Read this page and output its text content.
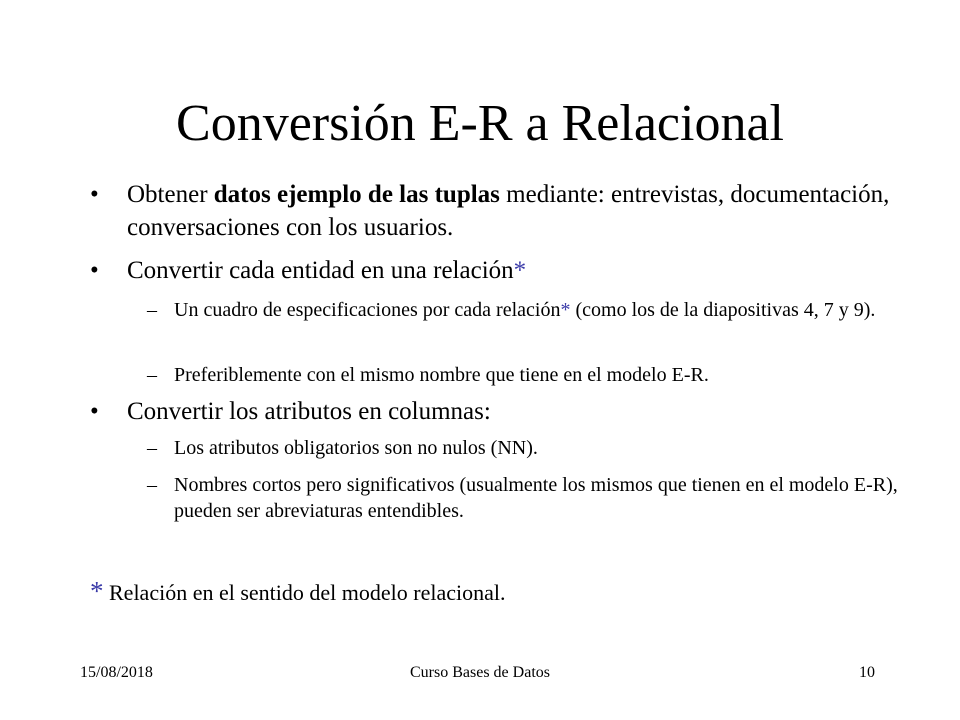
Conversión E-R a Relacional
• Obtener datos ejemplo de las tuplas mediante: entrevistas, documentación, conversaciones con los usuarios.
• Convertir cada entidad en una relación*
– Un cuadro de especificaciones por cada relación* (como los de la diapositivas 4, 7 y 9).
– Preferiblemente con el mismo nombre que tiene en el modelo E-R.
• Convertir los atributos en columnas:
– Los atributos obligatorios son no nulos (NN).
– Nombres cortos pero significativos (usualmente los mismos que tienen en el modelo E-R), pueden ser abreviaturas entendibles.
* Relación en el sentido del modelo relacional.
15/08/2018	Curso Bases de Datos	10
